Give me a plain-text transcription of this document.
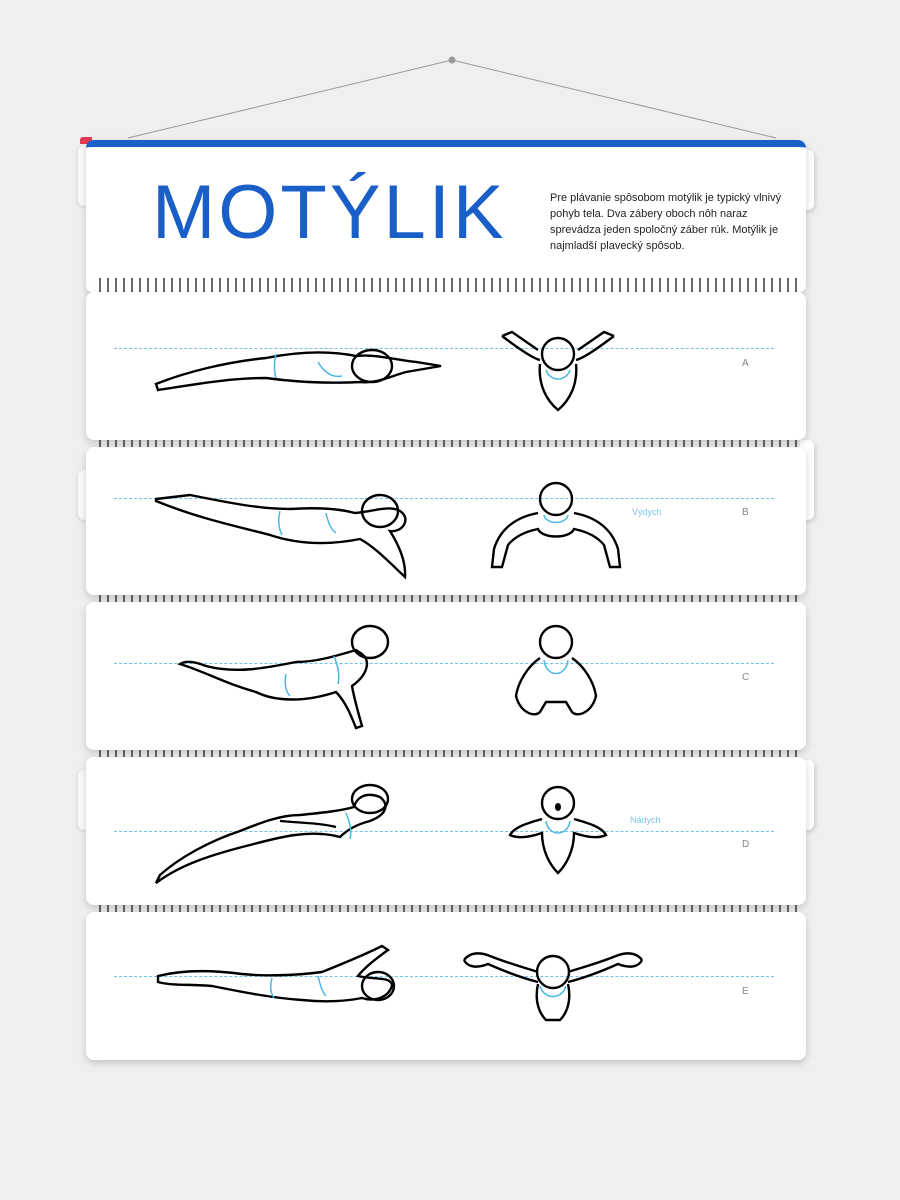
MOTÝLIK	Pre plávanie spôsobom motýlik je typický vlnivý pohyb tela. Dva zábery oboch nôh naraz sprevádza jeden spoločný záber rúk. Motýlik je najmladší plavecký spôsob.

A
Výdych	B
C
Nádych
D
E
